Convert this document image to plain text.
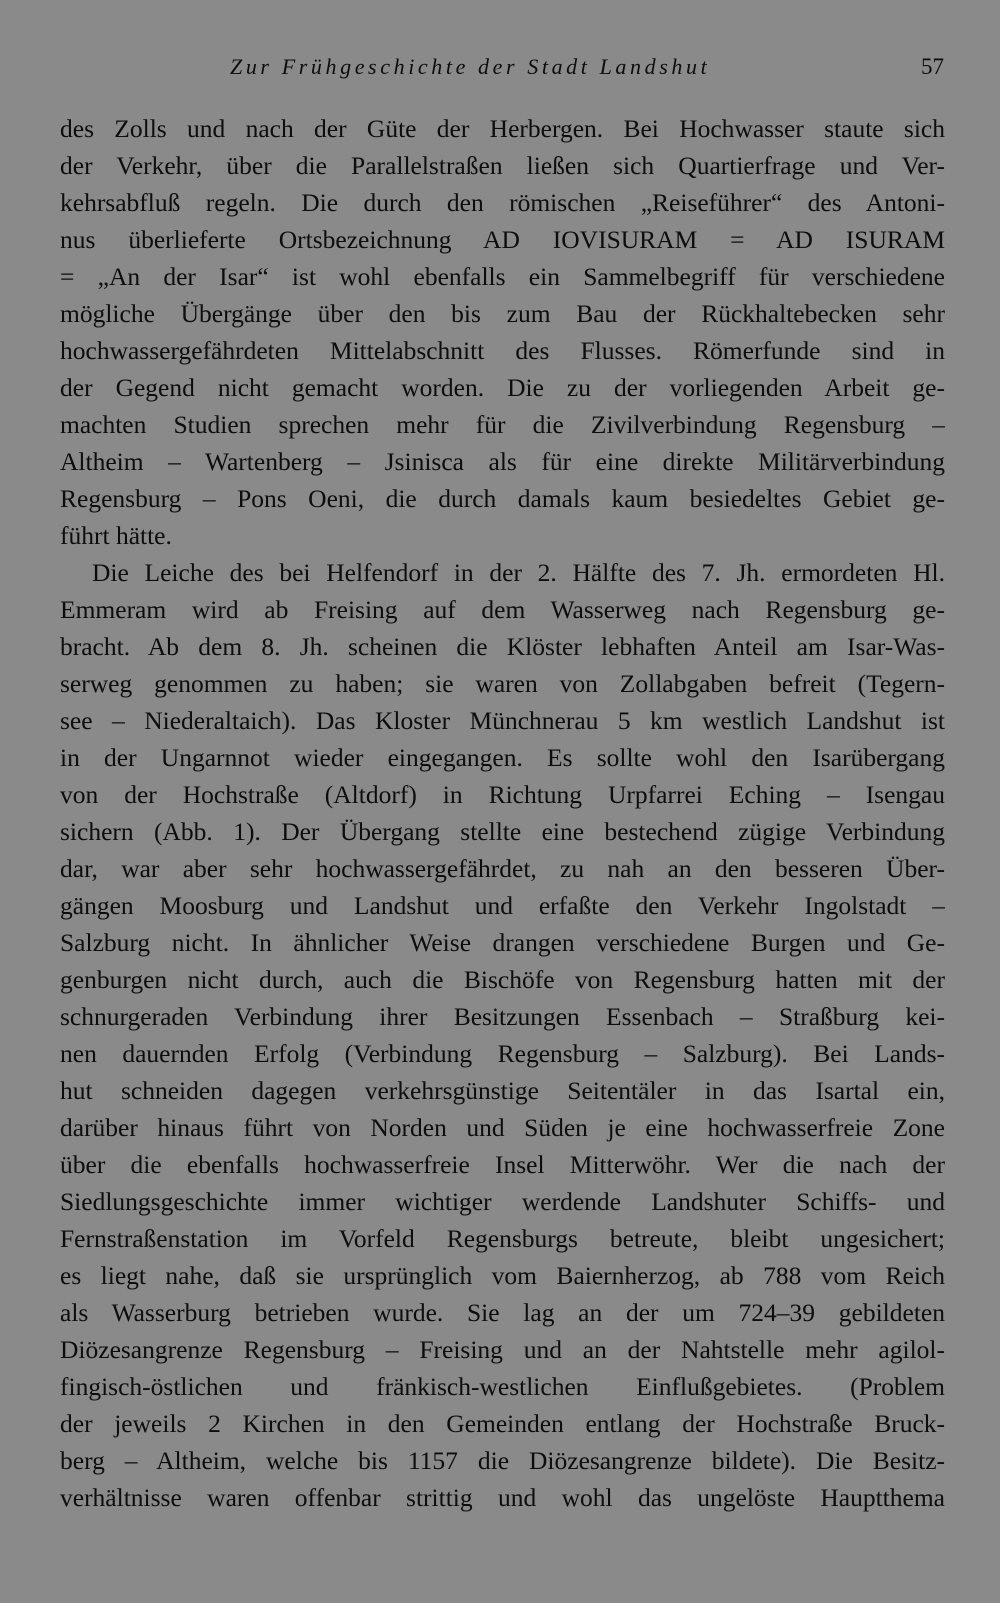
Zur Frühgeschichte der Stadt Landshut	57
des Zolls und nach der Güte der Herbergen. Bei Hochwasser staute sich
der Verkehr, über die Parallelstraßen ließen sich Quartierfrage und Ver-
kehrsabfluß regeln. Die durch den römischen „Reiseführer“ des Antoni-
nus überlieferte Ortsbezeichnung AD IOVISURAM = AD ISURAM
= „An der Isar“ ist wohl ebenfalls ein Sammelbegriff für verschiedene
mögliche Übergänge über den bis zum Bau der Rückhaltebecken sehr
hochwassergefährdeten Mittelabschnitt des Flusses. Römerfunde sind in
der Gegend nicht gemacht worden. Die zu der vorliegenden Arbeit ge-
machten Studien sprechen mehr für die Zivilverbindung Regensburg –
Altheim – Wartenberg – Jsinisca als für eine direkte Militärverbindung
Regensburg – Pons Oeni, die durch damals kaum besiedeltes Gebiet ge-
führt hätte.
Die Leiche des bei Helfendorf in der 2. Hälfte des 7. Jh. ermordeten Hl.
Emmeram wird ab Freising auf dem Wasserweg nach Regensburg ge-
bracht. Ab dem 8. Jh. scheinen die Klöster lebhaften Anteil am Isar-Was-
serweg genommen zu haben; sie waren von Zollabgaben befreit (Tegern-
see – Niederaltaich). Das Kloster Münchnerau 5 km westlich Landshut ist
in der Ungarnnot wieder eingegangen. Es sollte wohl den Isarübergang
von der Hochstraße (Altdorf) in Richtung Urpfarrei Eching – Isengau
sichern (Abb. 1). Der Übergang stellte eine bestechend zügige Verbindung
dar, war aber sehr hochwassergefährdet, zu nah an den besseren Über-
gängen Moosburg und Landshut und erfaßte den Verkehr Ingolstadt –
Salzburg nicht. In ähnlicher Weise drangen verschiedene Burgen und Ge-
genburgen nicht durch, auch die Bischöfe von Regensburg hatten mit der
schnurgeraden Verbindung ihrer Besitzungen Essenbach – Straßburg kei-
nen dauernden Erfolg (Verbindung Regensburg – Salzburg). Bei Lands-
hut schneiden dagegen verkehrsgünstige Seitentäler in das Isartal ein,
darüber hinaus führt von Norden und Süden je eine hochwasserfreie Zone
über die ebenfalls hochwasserfreie Insel Mitterwöhr. Wer die nach der
Siedlungsgeschichte immer wichtiger werdende Landshuter Schiffs- und
Fernstraßenstation im Vorfeld Regensburgs betreute, bleibt ungesichert;
es liegt nahe, daß sie ursprünglich vom Baiernherzog, ab 788 vom Reich
als Wasserburg betrieben wurde. Sie lag an der um 724–39 gebildeten
Diözesangrenze Regensburg – Freising und an der Nahtstelle mehr agilol-
fingisch-östlichen und fränkisch-westlichen Einflußgebietes. (Problem
der jeweils 2 Kirchen in den Gemeinden entlang der Hochstraße Bruck-
berg – Altheim, welche bis 1157 die Diözesangrenze bildete). Die Besitz-
verhältnisse waren offenbar strittig und wohl das ungelöste Hauptthema
